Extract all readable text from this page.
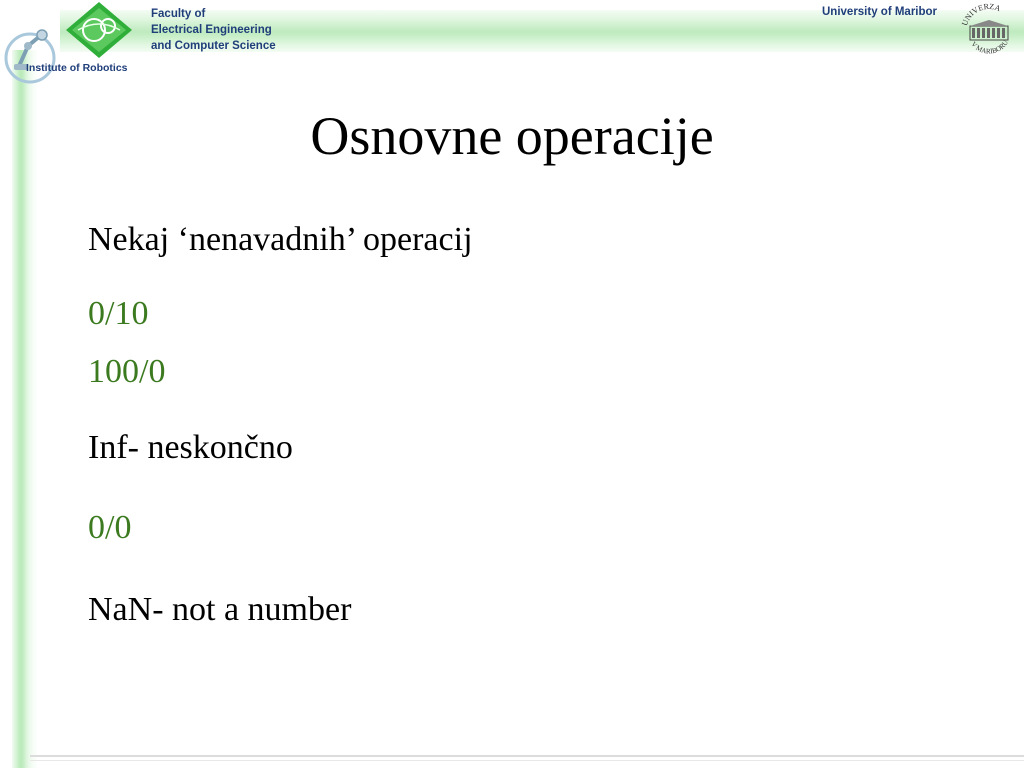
Faculty of
Electrical Engineering
and Computer Science
Institute of Robotics
University of Maribor
UNIVERZA
V MARIBORU
Osnovne operacije
Nekaj ‘nenavadnih’ operacij
0/10
100/0
Inf- neskončno
0/0
NaN- not a number
